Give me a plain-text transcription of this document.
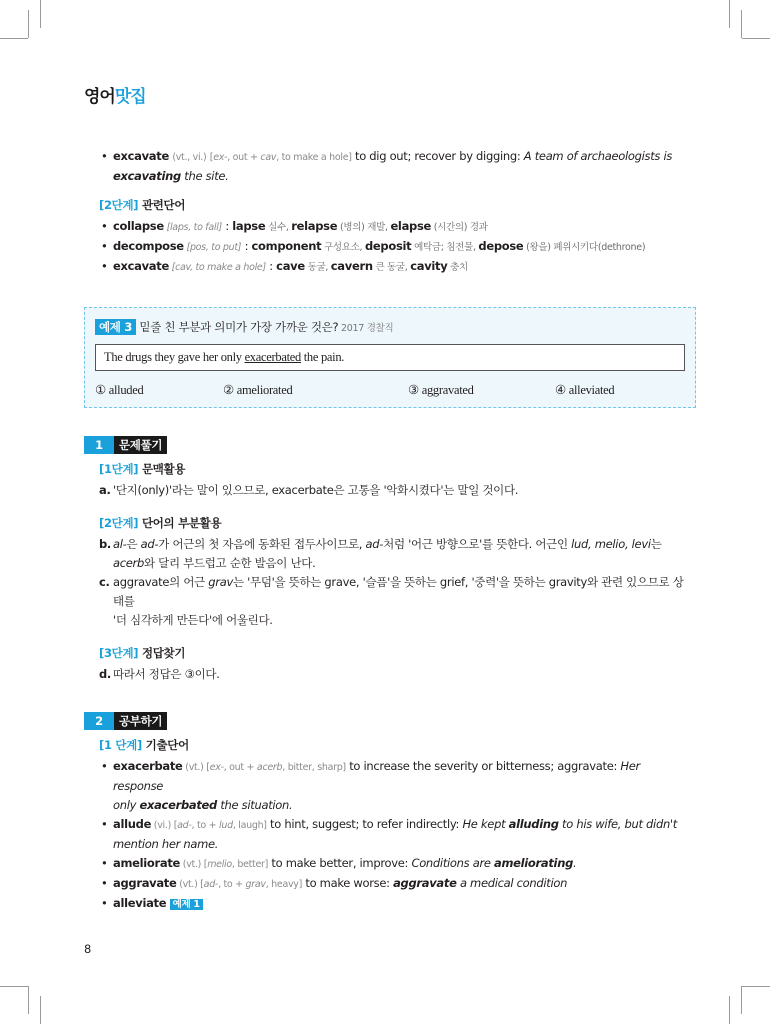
영어맛집
• excavate (vt., vi.) [ex-, out + cav, to make a hole] to dig out; recover by digging: A team of archaeologists is
excavating the site.
[2단계] 관련단어
• collapse [laps, to fall] : lapse 실수, relapse (병의) 재발, elapse (시간의) 경과
• decompose [pos, to put] : component 구성요소, deposit 예탁금; 침전물, depose (왕을) 폐위시키다(dethrone)
• excavate [cav, to make a hole] : cave 동굴, cavern 큰 동굴, cavity 충치
예제 3 밑줄 친 부분과 의미가 가장 가까운 것은? 2017 경찰직
The drugs they gave her only exacerbated the pain.
① alluded	② ameliorated	③ aggravated	④ alleviated
1 문제풀기
[1단계] 문맥활용
a. '단지(only)'라는 말이 있으므로, exacerbate은 고통을 '악화시켰다'는 말일 것이다.
[2단계] 단어의 부분활용
b. al-은 ad-가 어근의 첫 자음에 동화된 접두사이므로, ad-처럼 '어근 방향으로'를 뜻한다. 어근인 lud, melio, levi는
acerb와 달리 부드럽고 순한 발음이 난다.
c. aggravate의 어근 grav는 '무덤'을 뜻하는 grave, '슬픔'을 뜻하는 grief, '중력'을 뜻하는 gravity와 관련 있으므로 상태를
'더 심각하게 만든다'에 어울린다.
[3단계] 정답찾기
d. 따라서 정답은 ③이다.
2 공부하기
[1 단계] 기출단어
• exacerbate (vt.) [ex-, out + acerb, bitter, sharp] to increase the severity or bitterness; aggravate: Her response
only exacerbated the situation.
• allude (vi.) [ad-, to + lud, laugh] to hint, suggest; to refer indirectly: He kept alluding to his wife, but didn't
mention her name.
• ameliorate (vt.) [melio, better] to make better, improve: Conditions are ameliorating.
• aggravate (vt.) [ad-, to + grav, heavy] to make worse: aggravate a medical condition
• alleviate 예제 1
8
